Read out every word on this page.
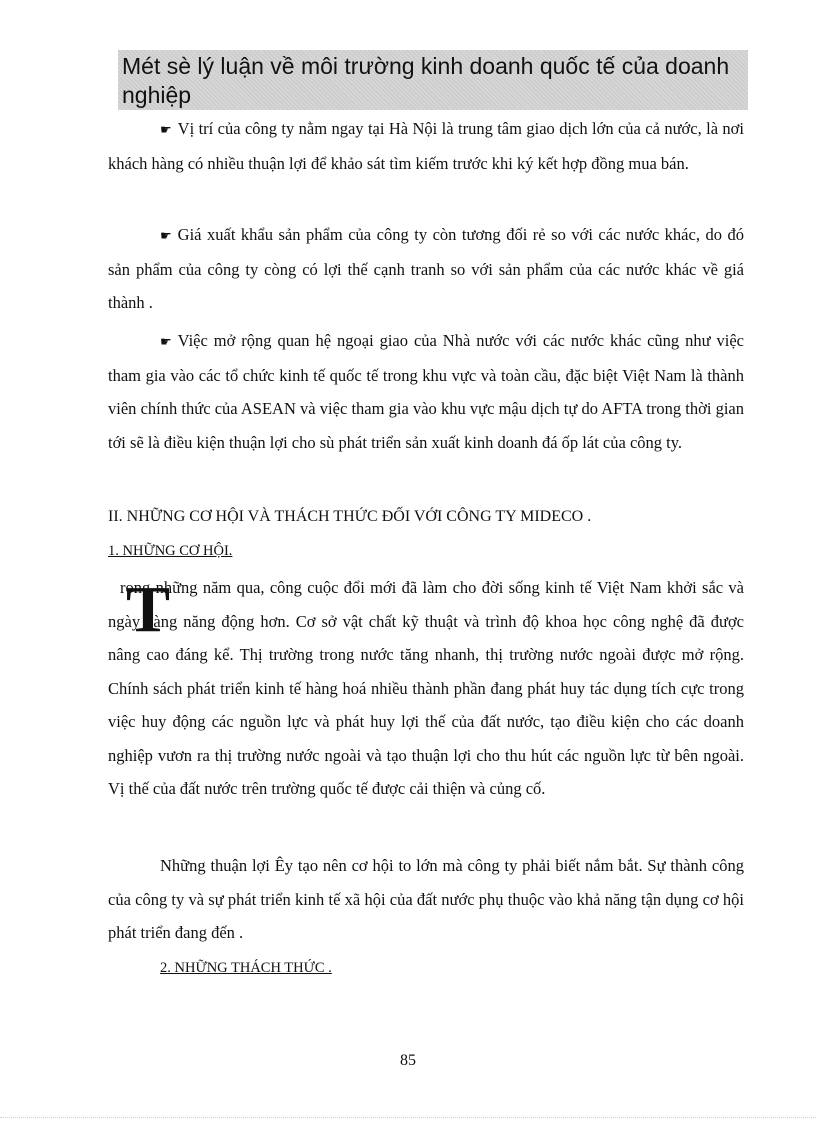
Mét sè lý luận về môi trường kinh doanh quốc tế của doanh nghiệp
☛ Vị trí của công ty nằm ngay tại Hà Nội là trung tâm giao dịch lớn của cả nước, là nơi khách hàng có nhiều thuận lợi để khảo sát tìm kiếm trước khi ký kết hợp đồng mua bán.
☛ Giá xuất khẩu sản phẩm của công ty còn tương đối rẻ so với các nước khác, do đó sản phẩm của công ty còng có lợi thế cạnh tranh so với sản phẩm của các nước khác về giá thành .
☛ Việc mở rộng quan hệ ngoại giao của Nhà nước với các nước khác cũng như việc tham gia vào các tổ chức kinh tế quốc tế trong khu vực và toàn cầu, đặc biệt Việt Nam là thành viên chính thức của ASEAN và việc tham gia vào khu vực mậu dịch tự do AFTA trong thời gian tới sẽ là điều kiện thuận lợi cho sù phát triển sản xuất kinh doanh đá ốp lát của công ty.
II. NHỮNG CƠ HỘI VÀ THÁCH THỨC ĐỐI VỚI CÔNG TY MIDECO .
1. NHỮNG CƠ HỘI.
T
rong những năm qua, công cuộc đổi mới đã làm cho đời sống kinh tế Việt Nam khởi sắc và ngày càng năng động hơn. Cơ sở vật chất kỹ thuật và trình độ khoa học công nghệ đã được nâng cao đáng kể. Thị trường trong nước tăng nhanh, thị trường nước ngoài được mở rộng. Chính sách phát triển kinh tế hàng hoá nhiều thành phần đang phát huy tác dụng tích cực trong việc huy động các nguồn lực và phát huy lợi thế của đất nước, tạo điều kiện cho các doanh nghiệp vươn ra thị trường nước ngoài và tạo thuận lợi cho thu hút các nguồn lực từ bên ngoài. Vị thế của đất nước trên trường quốc tế được cải thiện và củng cố.
Những thuận lợi Êy tạo nên cơ hội to lớn mà công ty phải biết nắm bắt. Sự thành công của công ty và sự phát triển kinh tế xã hội của đất nước phụ thuộc vào khả năng tận dụng cơ hội phát triển đang đến .
2. NHỮNG THÁCH THỨC .
85
